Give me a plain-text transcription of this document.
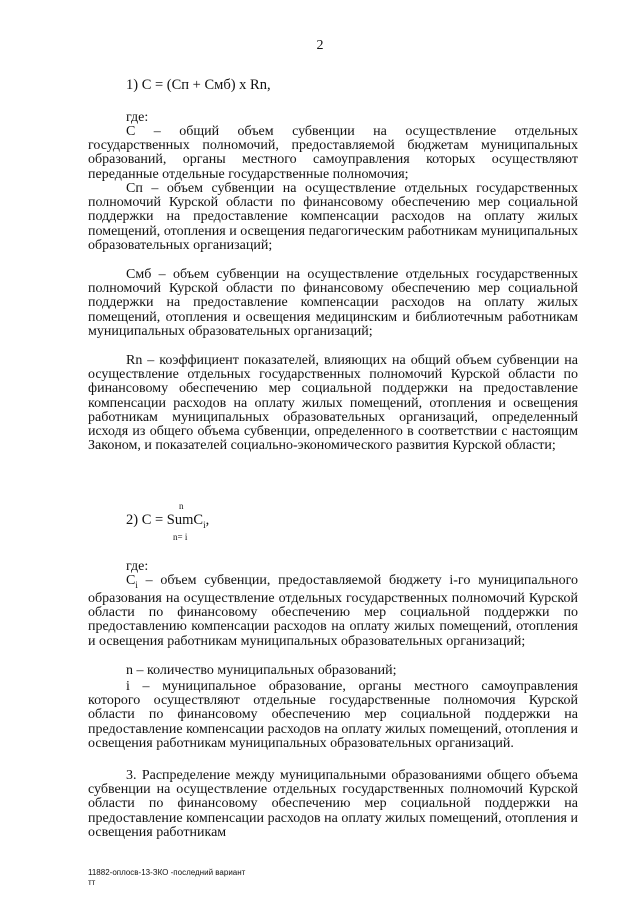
2
1) С = (Сп + Смб) х Rn,
где:
С – общий объем субвенции на осуществление отдельных государственных полномочий, предоставляемой бюджетам муниципальных образований, органы местного самоуправления которых осуществляют переданные отдельные государственные полномочия;
Сп – объем субвенции на осуществление отдельных государственных полномочий Курской области по финансовому обеспечению мер социальной поддержки на предоставление компенсации расходов на оплату жилых помещений, отопления и освещения педагогическим работникам муниципальных образовательных организаций;
Смб – объем субвенции на осуществление отдельных государственных полномочий Курской области по финансовому обеспечению мер социальной поддержки на предоставление компенсации расходов на оплату жилых помещений, отопления и освещения медицинским и библиотечным работникам муниципальных образовательных организаций;
Rn – коэффициент показателей, влияющих на общий объем субвенции на осуществление отдельных государственных полномочий Курской области по финансовому обеспечению мер социальной поддержки на предоставление компенсации расходов на оплату жилых помещений, отопления и освещения работникам муниципальных образовательных организаций, определенный исходя из общего объема субвенции, определенного в соответствии с настоящим Законом, и показателей социально-экономического развития Курской области;
n
2) С = SumC$_i$,
n= i
где:
$C_i$ – объем субвенции, предоставляемой бюджету i-го муниципального образования на осуществление отдельных государственных полномочий Курской области по финансовому обеспечению мер социальной поддержки по предоставлению компенсации расходов на оплату жилых помещений, отопления и освещения работникам муниципальных образовательных организаций;
n – количество муниципальных образований;
i – муниципальное образование, органы местного самоуправления которого осуществляют отдельные государственные полномочия Курской области по финансовому обеспечению мер социальной поддержки на предоставление компенсации расходов на оплату жилых помещений, отопления и освещения работникам муниципальных образовательных организаций.
3. Распределение между муниципальными образованиями общего объема субвенции на осуществление отдельных государственных полномочий Курской области по финансовому обеспечению мер социальной поддержки на предоставление компенсации расходов на оплату жилых помещений, отопления и освещения работникам
11882-оплосв-13-ЗКО -последний вариант
тт
